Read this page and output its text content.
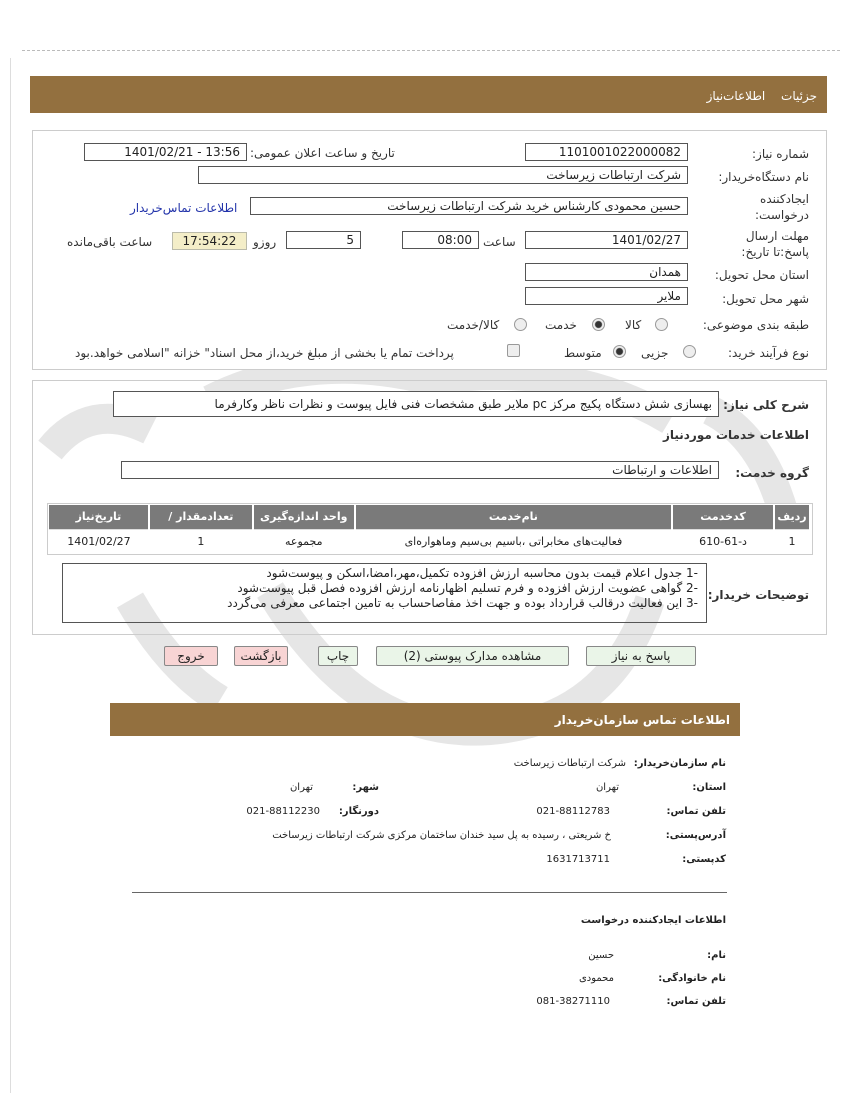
جزئیات اطلاعات‌نیاز
شماره نیاز:
1101001022000082
تاریخ و ساعت اعلان عمومی:
1401/02/21 - 13:56
نام دستگاه‌خریدار:
شرکت ارتباطات زیرساخت
ایجادکننده درخواست:
حسین محمودی کارشناس خرید شرکت ارتباطات زیرساخت
اطلاعات تماس‌خریدار
مهلت ارسال پاسخ:تا تاریخ:
1401/02/27
ساعت
08:00
5
روزو
17:54:22
ساعت باقی‌مانده
استان محل تحویل:
همدان
شهر محل تحویل:
ملایر
طبقه بندی موضوعی:
کالا
خدمت
کالا/خدمت
نوع فرآیند خرید:
جزیی
متوسط
پرداخت تمام یا بخشی از مبلغ خرید،از محل اسناد" خزانه "اسلامی خواهد.بود
شرح کلی نیاز:
بهسازی شش دستگاه پکیج مرکز pc ملایر طبق مشخصات فنی فایل پیوست و نظرات ناظر وکارفرما
اطلاعات خدمات موردنیاز
گروه خدمت:
اطلاعات و ارتباطات
تاریخ‌نیاز	/ تعدادمقدار	واحد اندازه‌گیری	نام‌خدمت	کدخدمت	ردیف
1401/02/27	1	مجموعه	فعالیت‌های مخابراتی ،باسیم بی‌سیم وماهواره‌ای	د-61-610	1
توضیحات خریدار:
-1 جدول اعلام قیمت بدون محاسبه ارزش افزوده تکمیل،مهر،امضا،اسکن و پیوست‌شود
-2 گواهی عضویت ارزش افزوده و فرم تسلیم اظهارنامه ارزش افزوده فصل قبل پیوست‌شود
-3 این فعالیت درقالب قرارداد بوده و جهت اخذ مفاصاحساب به تامین اجتماعی معرفی می‌گردد
پاسخ به نیاز
مشاهده مدارک پیوستی (2)
چاپ
بازگشت
خروج
اطلاعات تماس سازمان‌خریدار
نام سازمان‌خریدار:
شرکت ارتباطات زیرساخت
استان:
تهران
شهر:
تهران
تلفن تماس:
021-88112783
دورنگار:
021-88112230
آدرس‌پستی:
خ شریعتی ، رسیده به پل سید خندان ساختمان مرکزی شرکت ارتباطات زیرساخت
کدپستی:
1631713711
اطلاعات ایجادکننده درخواست
نام:
حسین
نام خانوادگی:
محمودی
تلفن تماس:
081-38271110
